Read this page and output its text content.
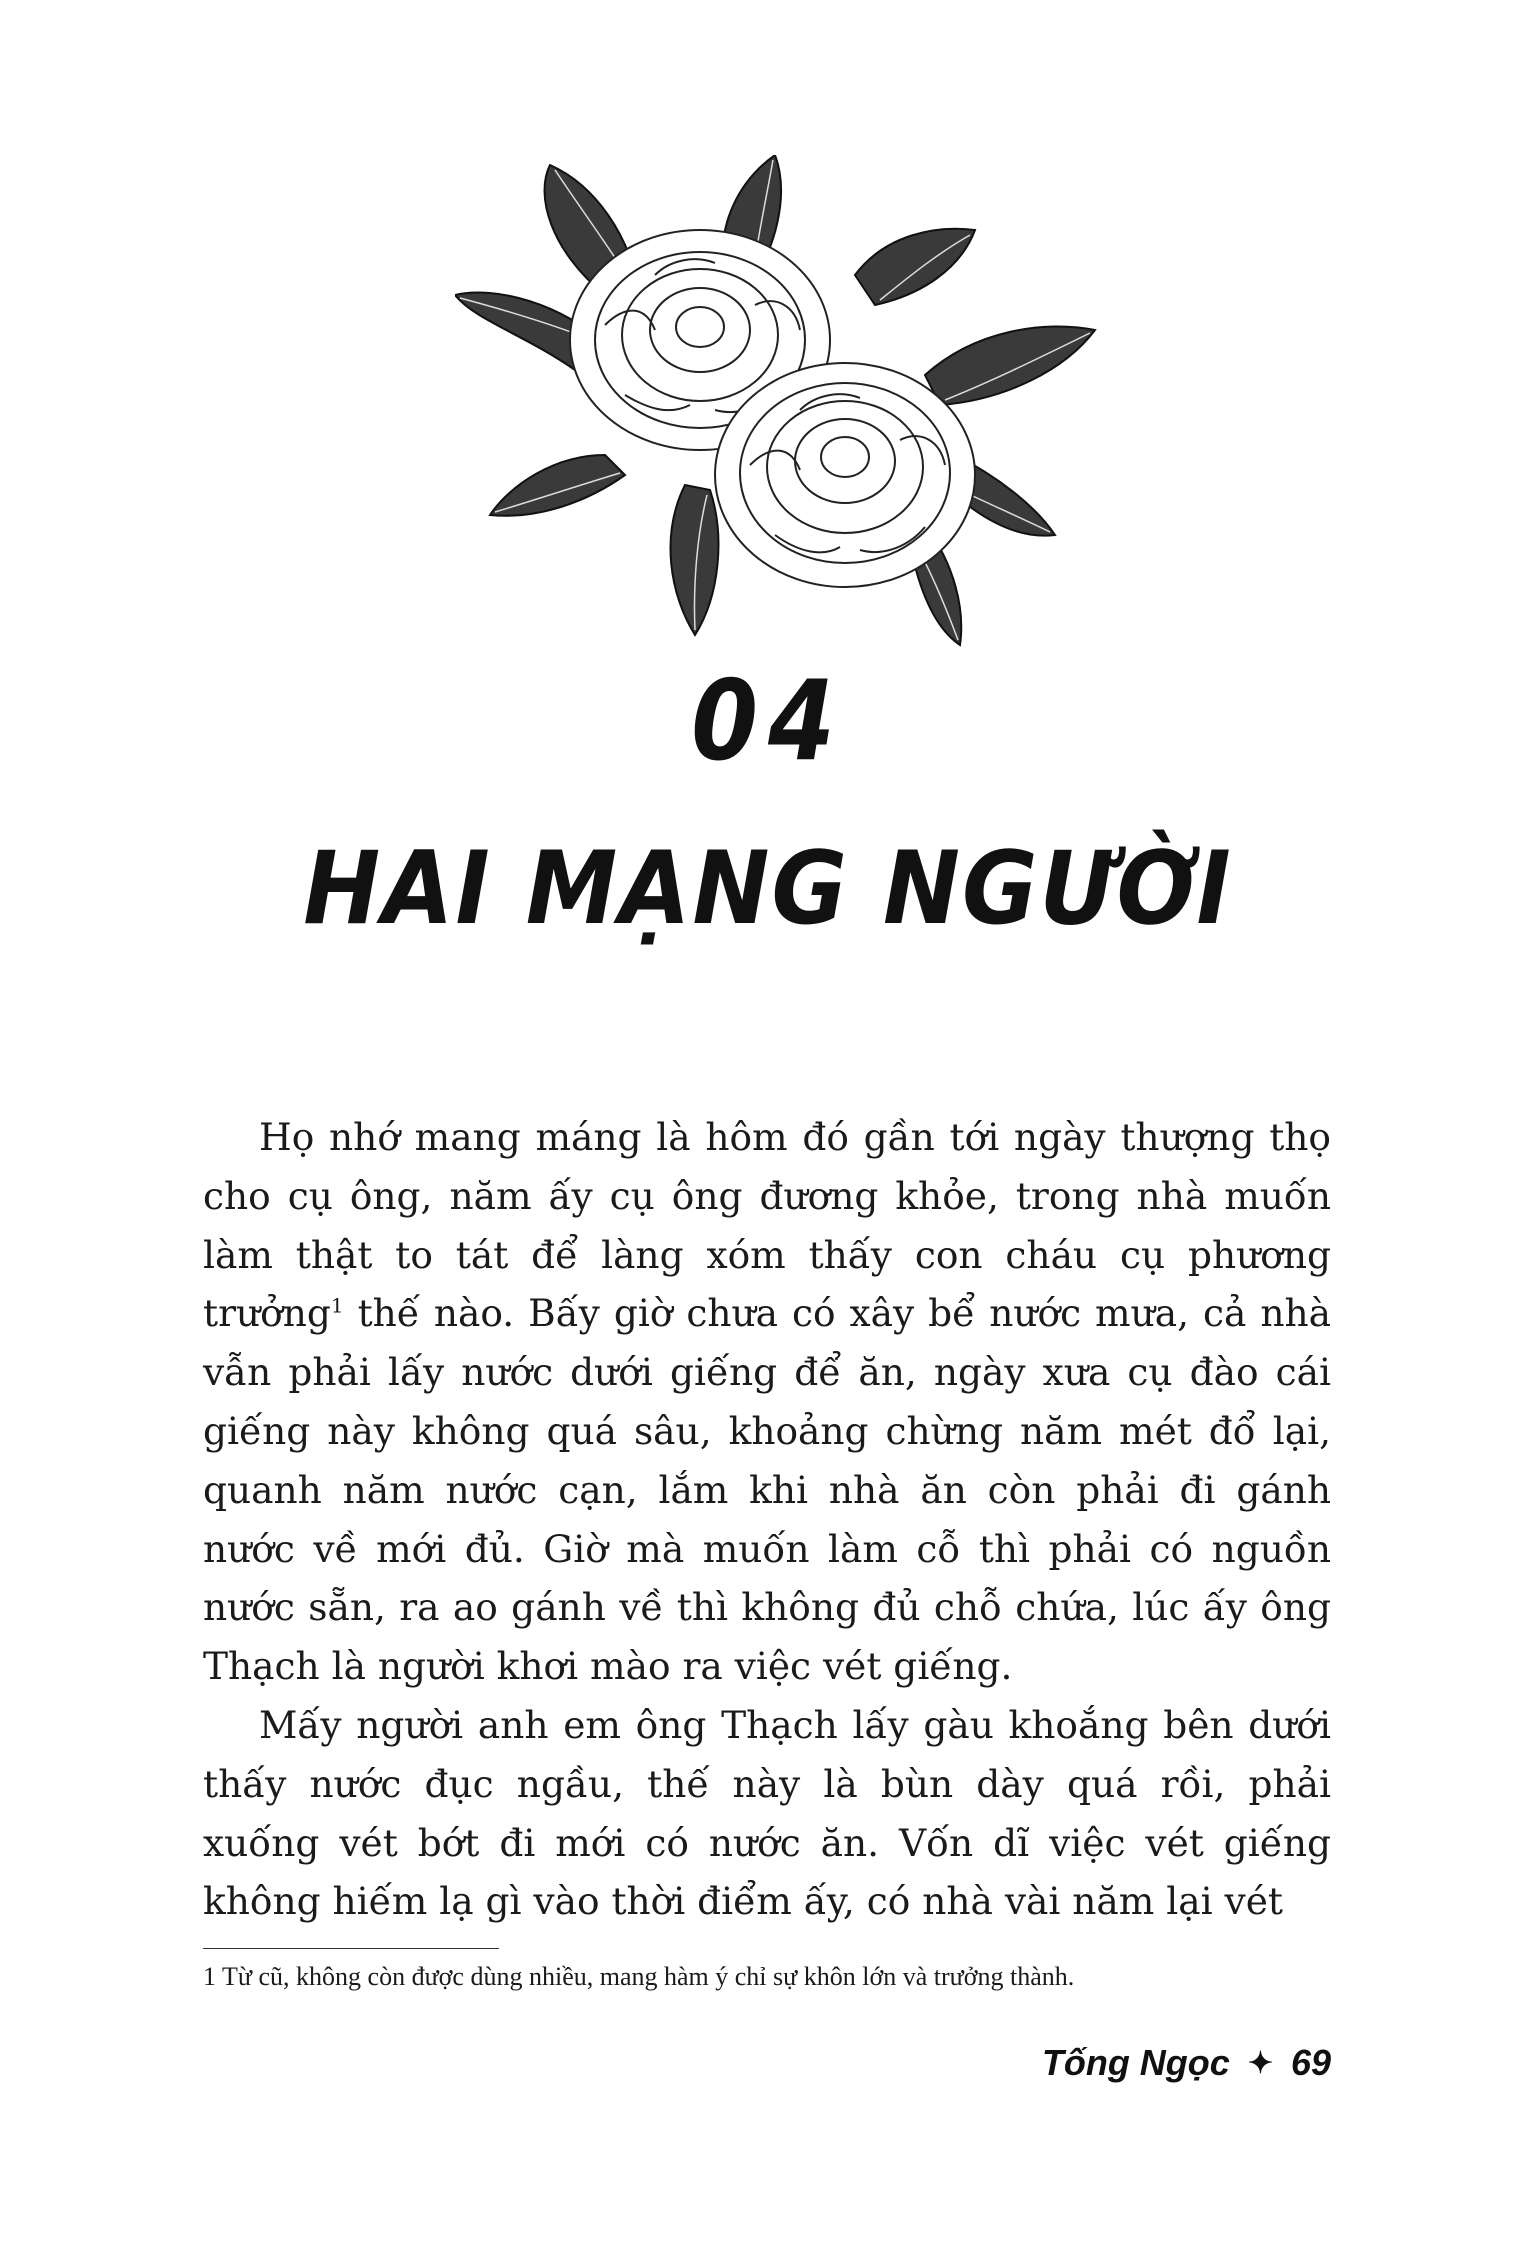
04
HAI MẠNG NGƯỜI

Họ nhớ mang máng là hôm đó gần tới ngày thượng thọ cho cụ ông, năm ấy cụ ông đương khỏe, trong nhà muốn làm thật to tát để làng xóm thấy con cháu cụ phương trưởng$^1$ thế nào. Bấy giờ chưa có xây bể nước mưa, cả nhà vẫn phải lấy nước dưới giếng để ăn, ngày xưa cụ đào cái giếng này không quá sâu, khoảng chừng năm mét đổ lại, quanh năm nước cạn, lắm khi nhà ăn còn phải đi gánh nước về mới đủ. Giờ mà muốn làm cỗ thì phải có nguồn nước sẵn, ra ao gánh về thì không đủ chỗ chứa, lúc ấy ông Thạch là người khơi mào ra việc vét giếng.

Mấy người anh em ông Thạch lấy gàu khoắng bên dưới thấy nước đục ngầu, thế này là bùn dày quá rồi, phải xuống vét bớt đi mới có nước ăn. Vốn dĩ việc vét giếng không hiếm lạ gì vào thời điểm ấy, có nhà vài năm lại vét

1 Từ cũ, không còn được dùng nhiều, mang hàm ý chỉ sự khôn lớn và trưởng thành.
Tống Ngọc ✦ 69
